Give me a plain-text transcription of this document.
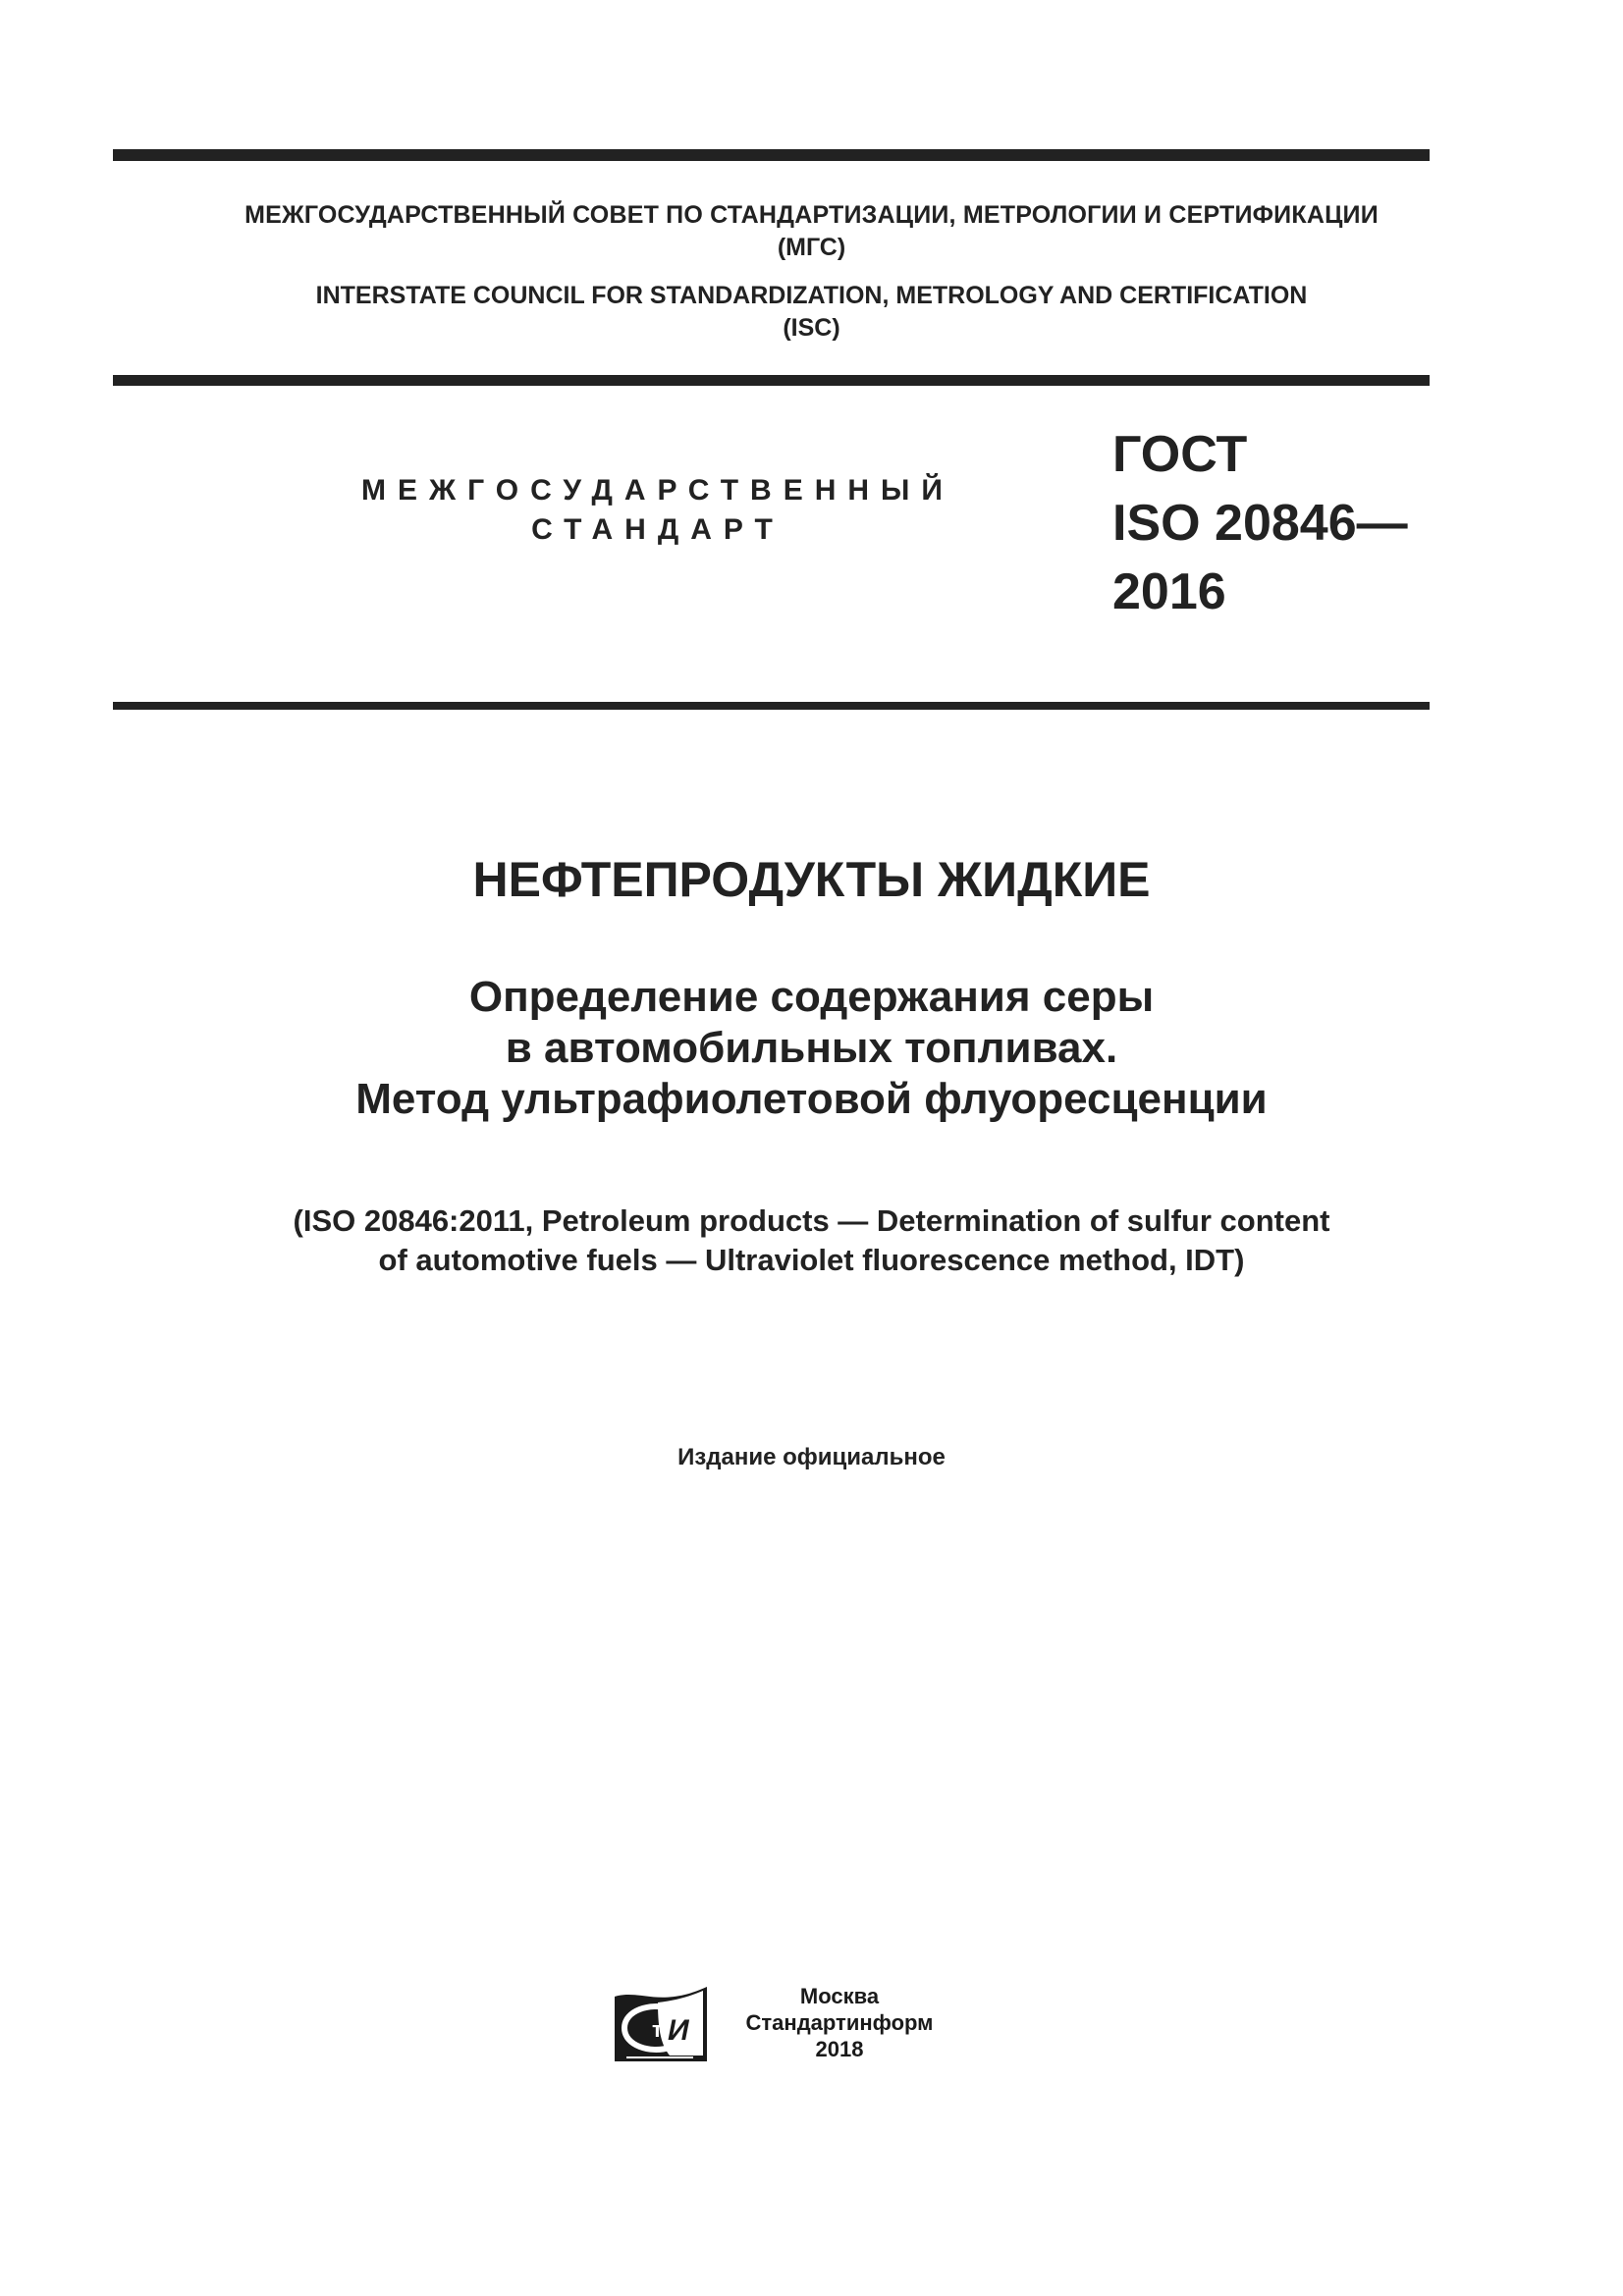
МЕЖГОСУДАРСТВЕННЫЙ СОВЕТ ПО СТАНДАРТИЗАЦИИ, МЕТРОЛОГИИ И СЕРТИФИКАЦИИ
(МГС)
INTERSTATE COUNCIL FOR STANDARDIZATION, METROLOGY AND CERTIFICATION
(ISC)
МЕЖГОСУДАРСТВЕННЫЙ
СТАНДАРТ
ГОСТ
ISO 20846—
2016
НЕФТЕПРОДУКТЫ ЖИДКИЕ
Определение содержания серы
в автомобильных топливах.
Метод ультрафиолетовой флуоресценции
(ISO 20846:2011, Petroleum products — Determination of sulfur content
of automotive fuels — Ultraviolet fluorescence method, IDT)
Издание официальное
т И
Москва
Стандартинформ
2018
